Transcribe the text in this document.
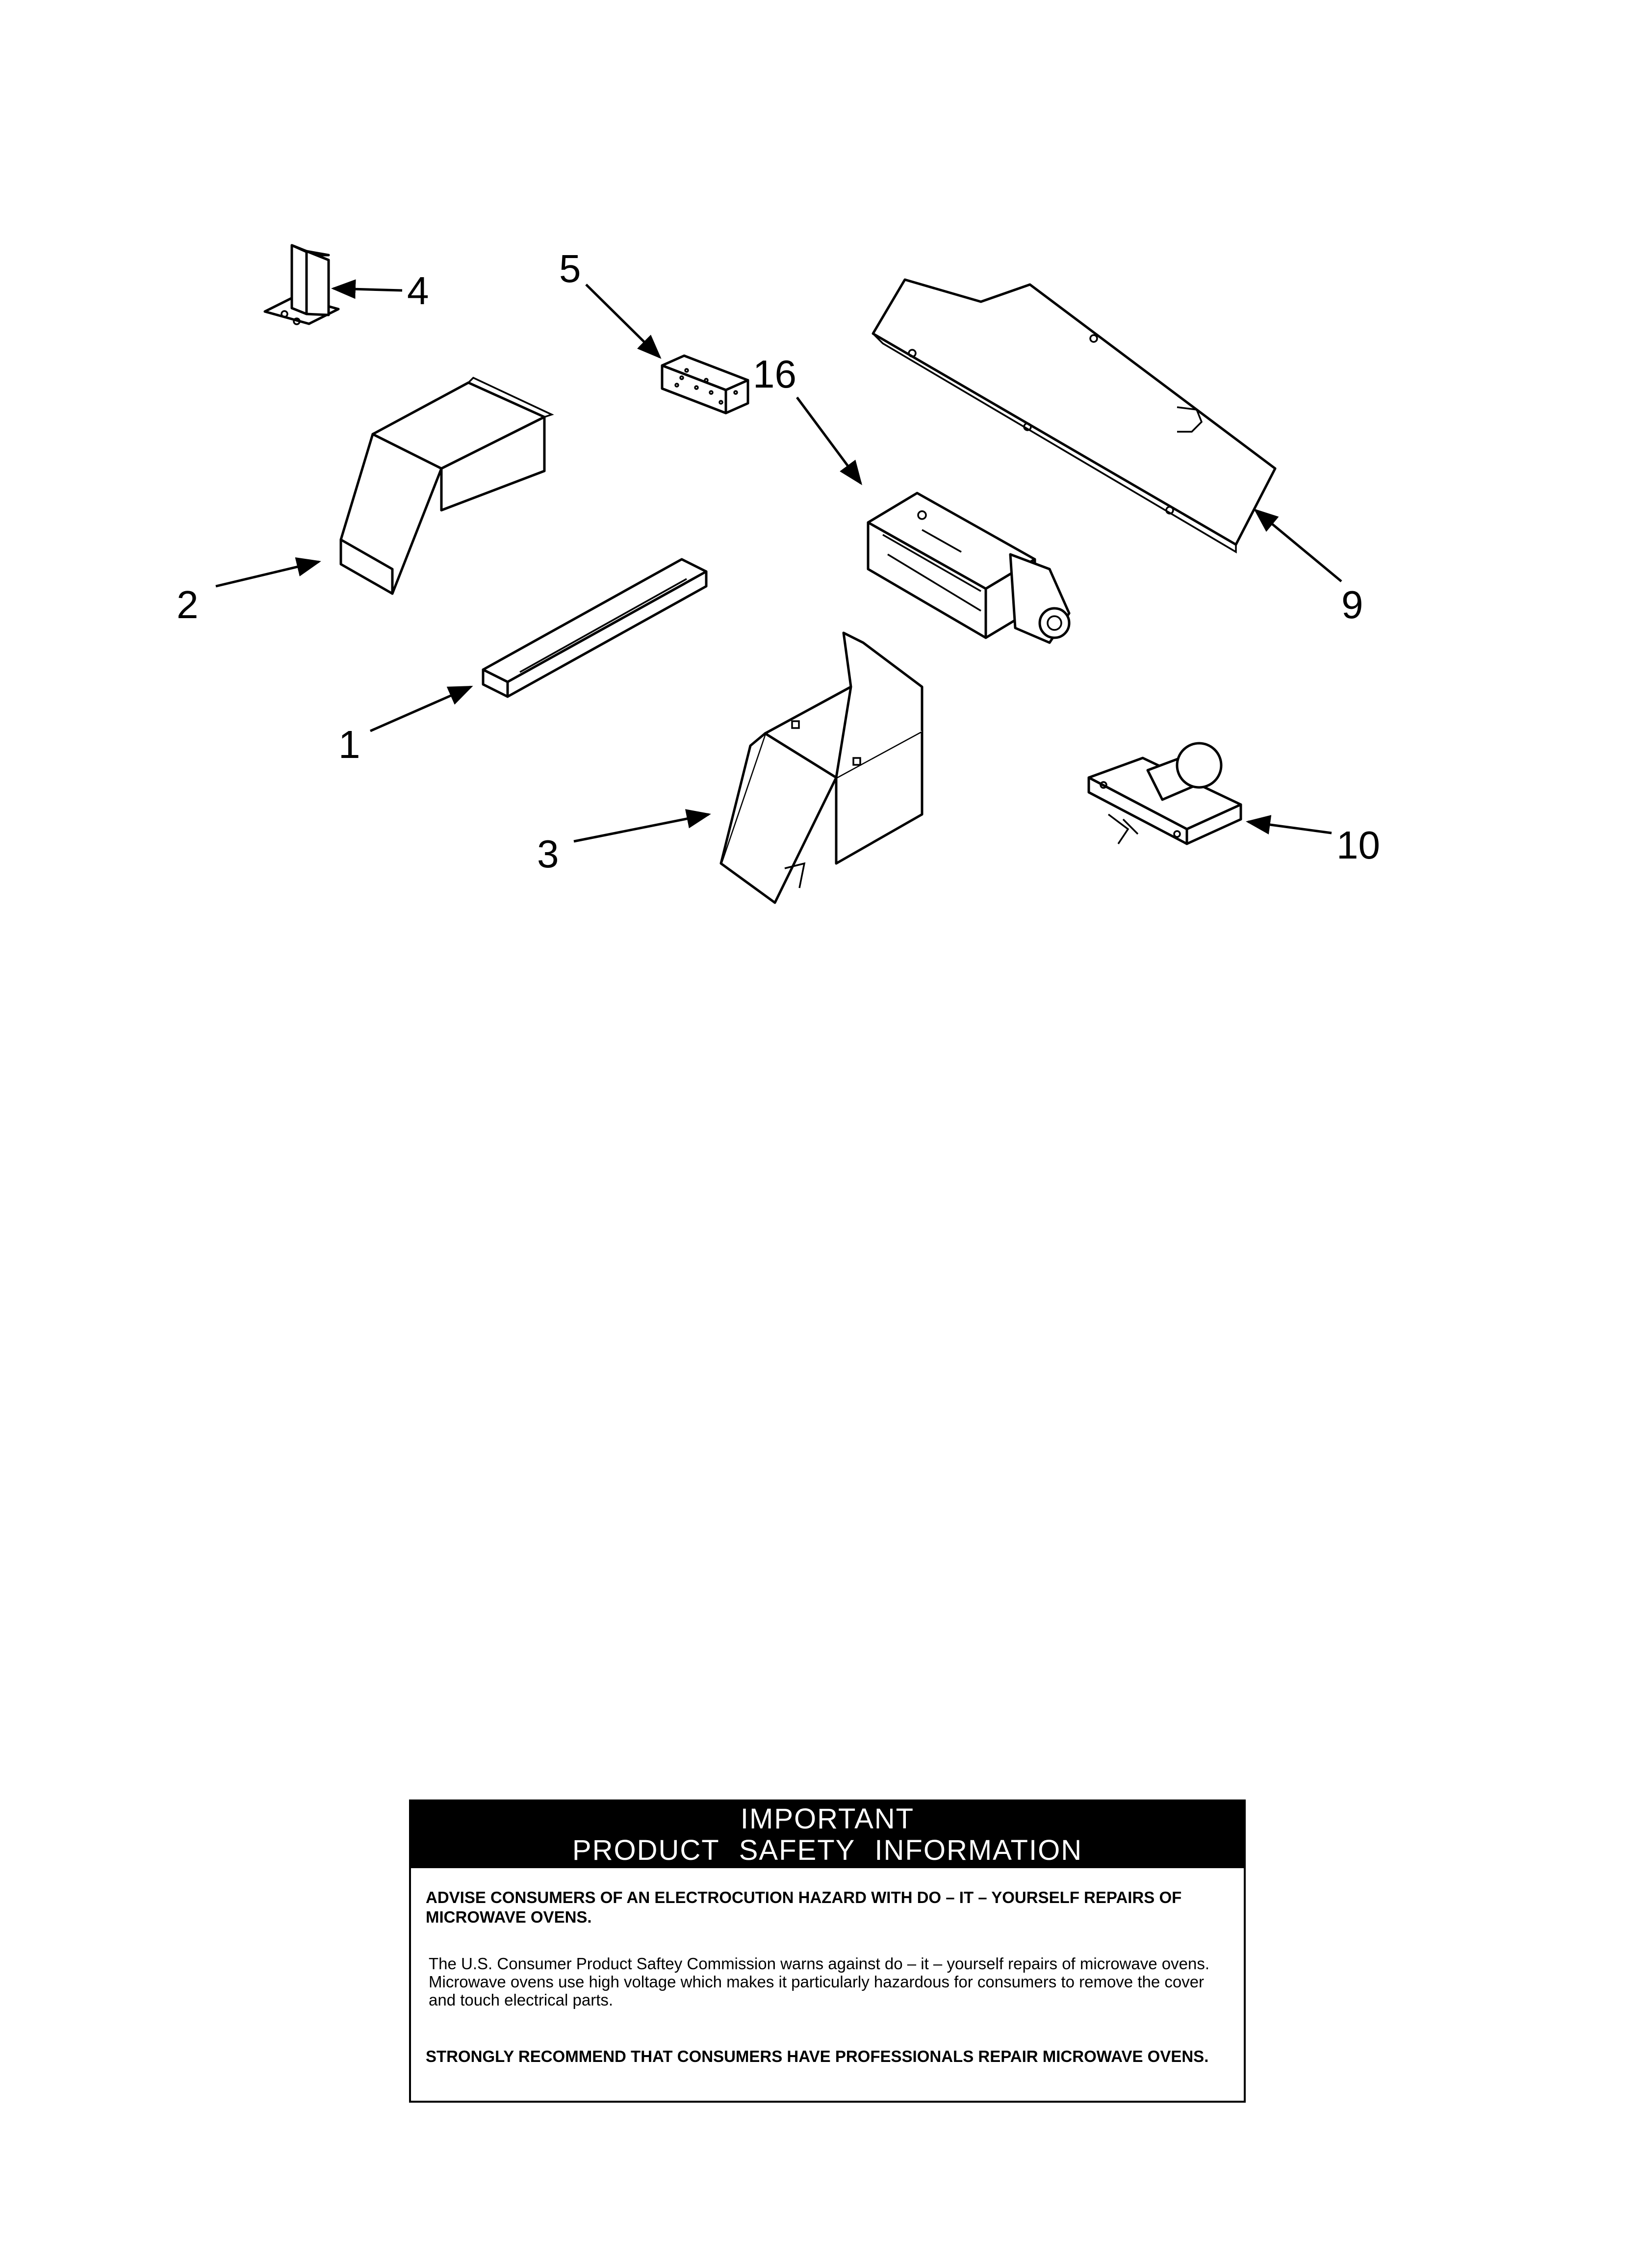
4
5
16
9
2
1
3	10
IMPORTANT
PRODUCT SAFETY INFORMATION

ADVISE CONSUMERS OF AN ELECTROCUTION HAZARD WITH DO – IT – YOURSELF REPAIRS OF MICROWAVE OVENS.

The U.S. Consumer Product Saftey Commission warns against do – it – yourself repairs of microwave ovens. Microwave ovens use high voltage which makes it particularly hazardous for consumers to remove the cover and touch electrical parts.

STRONGLY RECOMMEND THAT CONSUMERS HAVE PROFESSIONALS REPAIR MICROWAVE OVENS.
